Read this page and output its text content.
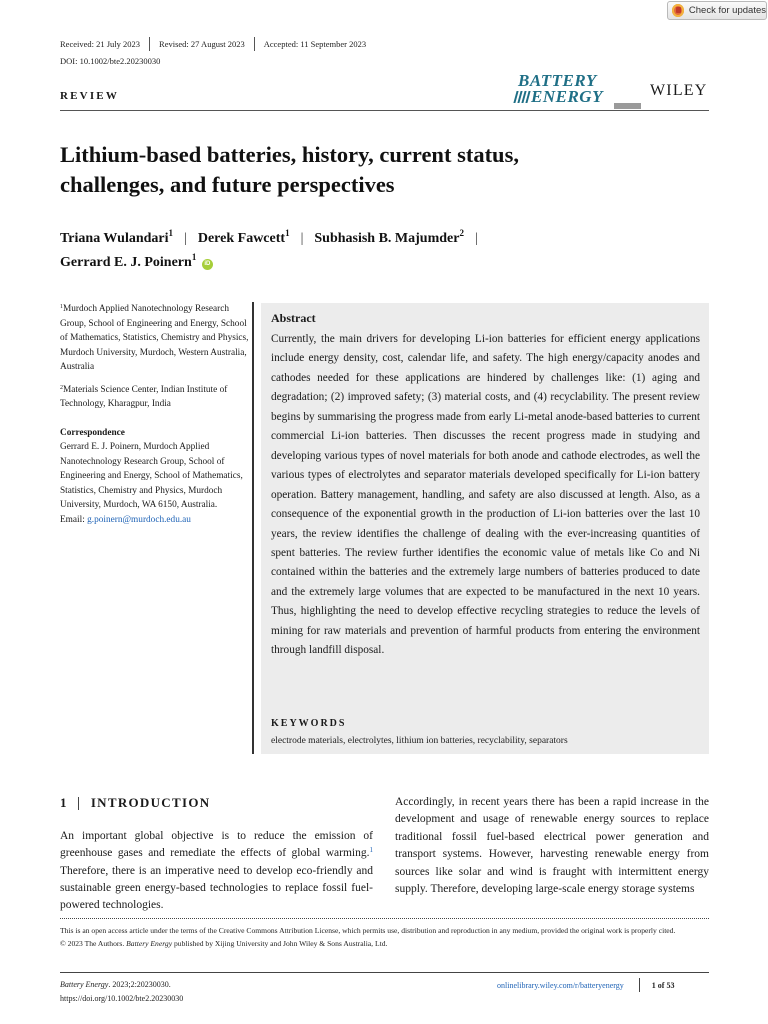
Check for updates
Received: 21 July 2023	Revised: 27 August 2023	Accepted: 11 September 2023
DOI: 10.1002/bte2.20230030
REVIEW
BATTERY
ENERGY	WILEY
Lithium-based batteries, history, current status, challenges, and future perspectives
Triana Wulandari$^1$ | Derek Fawcett$^1$ | Subhasish B. Majumder$^2$ |
Gerrard E. J. Poinern$^1$ iD

$^1$Murdoch Applied Nanotechnology Research Group, School of Engineering and Energy, School of Mathematics, Statistics, Chemistry and Physics, Murdoch University, Murdoch, Western Australia, Australia

$^2$Materials Science Center, Indian Institute of Technology, Kharagpur, India

Correspondence
Gerrard E. J. Poinern, Murdoch Applied Nanotechnology Research Group, School of Engineering and Energy, School of Mathematics, Statistics, Chemistry and Physics, Murdoch University, Murdoch, WA 6150, Australia.
Email: g.poinern@murdoch.edu.au
Abstract
Currently, the main drivers for developing Li-ion batteries for efficient energy applications include energy density, cost, calendar life, and safety. The high energy/capacity anodes and cathodes needed for these applications are hindered by challenges like: (1) aging and degradation; (2) improved safety; (3) material costs, and (4) recyclability. The present review begins by summarising the progress made from early Li-metal anode-based batteries to current commercial Li-ion batteries. Then discusses the recent progress made in studying and developing various types of novel materials for both anode and cathode electrodes, as well the various types of electrolytes and separator materials developed specifically for Li-ion battery operation. Battery management, handling, and safety are also discussed at length. Also, as a consequence of the exponential growth in the production of Li-ion batteries over the last 10 years, the review identifies the challenge of dealing with the ever-increasing quantities of spent batteries. The review further identifies the economic value of metals like Co and Ni contained within the batteries and the extremely large numbers of batteries produced to date and the extremely large volumes that are expected to be manufactured in the next 10 years. Thus, highlighting the need to develop effective recycling strategies to reduce the levels of mining for raw materials and prevention of harmful products from entering the environment through landfill disposal.
KEYWORDS
electrode materials, electrolytes, lithium ion batteries, recyclability, separators
1 INTRODUCTION
An important global objective is to reduce the emission of greenhouse gases and remediate the effects of global warming.$^1$ Therefore, there is an imperative need to develop eco-friendly and sustainable green energy-based technologies to replace fossil fuel-powered technologies.
Accordingly, in recent years there has been a rapid increase in the development and usage of renewable energy sources to replace traditional fossil fuel-based electrical power generation and transport systems. However, harvesting renewable energy from sources like solar and wind is fraught with intermittent energy supply. Therefore, developing large-scale energy storage systems
This is an open access article under the terms of the Creative Commons Attribution License, which permits use, distribution and reproduction in any medium, provided the original work is properly cited.
© 2023 The Authors. Battery Energy published by Xijing University and John Wiley & Sons Australia, Ltd.
Battery Energy. 2023;2:20230030.
https://doi.org/10.1002/bte2.20230030
onlinelibrary.wiley.com/r/batteryenergy	1 of 53
